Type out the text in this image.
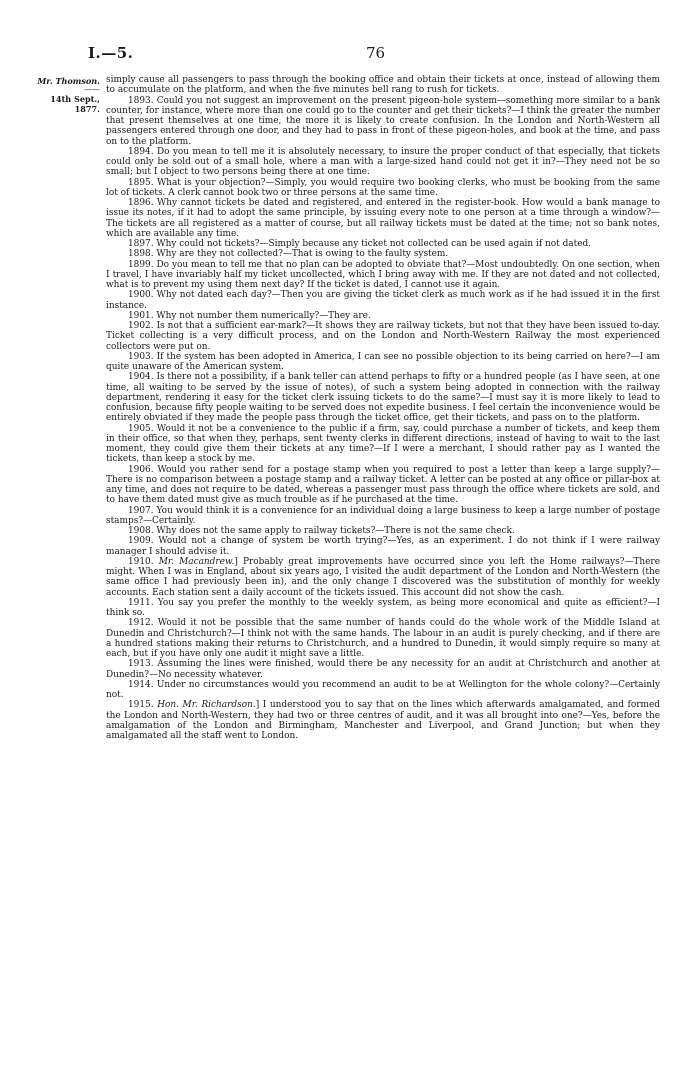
I.—5.	76
Mr. Thomson.
——
14th Sept., 1877.

simply cause all passengers to pass through the booking office and obtain their tickets at once, instead of allowing them to accumulate on the platform, and when the five minutes bell rang to rush for tickets.

1893. Could you not suggest an improvement on the present pigeon-hole system—something more similar to a bank counter, for instance, where more than one could go to the counter and get their tickets?—I think the greater the number that present themselves at one time, the more it is likely to create confusion. In the London and North-Western all passengers entered through one door, and they had to pass in front of these pigeon-holes, and book at the time, and pass on to the platform.

1894. Do you mean to tell me it is absolutely necessary, to insure the proper conduct of that especially, that tickets could only be sold out of a small hole, where a man with a large-sized hand could not get it in?—They need not be so small; but I object to two persons being there at one time.

1895. What is your objection?—Simply, you would require two booking clerks, who must be booking from the same lot of tickets. A clerk cannot book two or three persons at the same time.

1896. Why cannot tickets be dated and registered, and entered in the register-book. How would a bank manage to issue its notes, if it had to adopt the same principle, by issuing every note to one person at a time through a window?—The tickets are all registered as a matter of course, but all railway tickets must be dated at the time; not so bank notes, which are available any time.

1897. Why could not tickets?—Simply because any ticket not collected can be used again if not dated.

1898. Why are they not collected?—That is owing to the faulty system.

1899. Do you mean to tell me that no plan can be adopted to obviate that?—Most undoubtedly. On one section, when I travel, I have invariably half my ticket uncollected, which I bring away with me. If they are not dated and not collected, what is to prevent my using them next day? If the ticket is dated, I cannot use it again.

1900. Why not dated each day?—Then you are giving the ticket clerk as much work as if he had issued it in the first instance.

1901. Why not number them numerically?—They are.

1902. Is not that a sufficient ear-mark?—It shows they are railway tickets, but not that they have been issued to-day. Ticket collecting is a very difficult process, and on the London and North-Western Railway the most experienced collectors were put on.

1903. If the system has been adopted in America, I can see no possible objection to its being carried on here?—I am quite unaware of the American system.

1904. Is there not a possibility, if a bank teller can attend perhaps to fifty or a hundred people (as I have seen, at one time, all waiting to be served by the issue of notes), of such a system being adopted in connection with the railway department, rendering it easy for the ticket clerk issuing tickets to do the same?—I must say it is more likely to lead to confusion, because fifty people waiting to be served does not expedite business. I feel certain the inconvenience would be entirely obviated if they made the people pass through the ticket office, get their tickets, and pass on to the platform.

1905. Would it not be a convenience to the public if a firm, say, could purchase a number of tickets, and keep them in their office, so that when they, perhaps, sent twenty clerks in different directions, instead of having to wait to the last moment, they could give them their tickets at any time?—If I were a merchant, I should rather pay as I wanted the tickets, than keep a stock by me.

1906. Would you rather send for a postage stamp when you required to post a letter than keep a large supply?—There is no comparison between a postage stamp and a railway ticket. A letter can be posted at any office or pillar-box at any time, and does not require to be dated, whereas a passenger must pass through the office where tickets are sold, and to have them dated must give as much trouble as if he purchased at the time.

1907. You would think it is a convenience for an individual doing a large business to keep a large number of postage stamps?—Certainly.

1908. Why does not the same apply to railway tickets?—There is not the same check.

1909. Would not a change of system be worth trying?—Yes, as an experiment. I do not think if I were railway manager I should advise it.

1910. Mr. Macandrew.] Probably great improvements have occurred since you left the Home railways?—There might. When I was in England, about six years ago, I visited the audit department of the London and North-Western (the same office I had previously been in), and the only change I discovered was the substitution of monthly for weekly accounts. Each station sent a daily account of the tickets issued. This account did not show the cash.

1911. You say you prefer the monthly to the weekly system, as being more economical and quite as efficient?—I think so.

1912. Would it not be possible that the same number of hands could do the whole work of the Middle Island at Dunedin and Christchurch?—I think not with the same hands. The labour in an audit is purely checking, and if there are a hundred stations making their returns to Christchurch, and a hundred to Dunedin, it would simply require so many at each, but if you have only one audit it might save a little.

1913. Assuming the lines were finished, would there be any necessity for an audit at Christchurch and another at Dunedin?—No necessity whatever.

1914. Under no circumstances would you recommend an audit to be at Wellington for the whole colony?—Certainly not.

1915. Hon. Mr. Richardson.] I understood you to say that on the lines which afterwards amalgamated, and formed the London and North-Western, they had two or three centres of audit, and it was all brought into one?—Yes, before the amalgamation of the London and Birmingham, Manchester and Liverpool, and Grand Junction; but when they amalgamated all the staff went to London.
